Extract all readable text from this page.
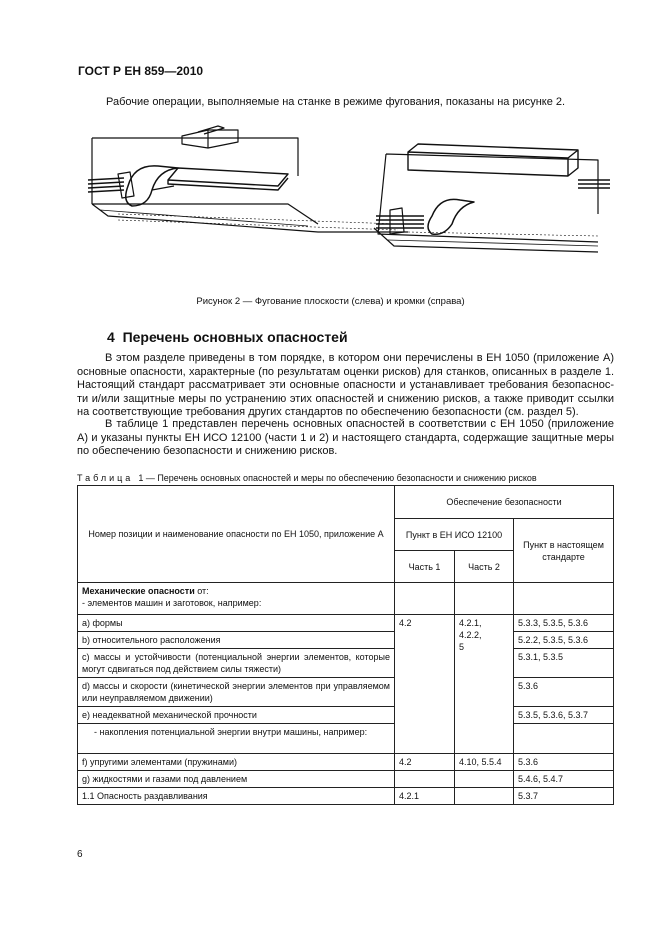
ГОСТ Р ЕН 859—2010
Рабочие операции, выполняемые на станке в режиме фугования, показаны на рисунке 2.
Рисунок 2 — Фугование плоскости (слева) и кромки (справа)
4 Перечень основных опасностей
В этом разделе приведены в том порядке, в котором они перечислены в ЕН 1050 (приложение А) основные опасности, характерные (по результатам оценки рисков) для станков, описанных в разделе 1. Настоящий стандарт рассматривает эти основные опасности и устанавливает требования безопасности и/или защитные меры по устранению этих опасностей и снижению рисков, а также приводит ссылки на соответствующие требования других стандартов по обеспечению безопасности (см. раздел 5).
В таблице 1 представлен перечень основных опасностей в соответствии с ЕН 1050 (приложение А) и указаны пункты ЕН ИСО 12100 (части 1 и 2) и настоящего стандарта, содержащие защитные меры по обеспечению безопасности и снижению рисков.
Таблица 1 — Перечень основных опасностей и меры по обеспечению безопасности и снижению рисков
Номер позиции и наименование опасности по ЕН 1050, приложение А	Обеспечение безопасности		
	Пункт в ЕН ИСО 12100		Пункт в настоящем стандарте
	Часть 1	Часть 2	
Механические опасности от:
- элементов машин и заготовок, например:			
a) формы	4.2	4.2.1,
4.2.2,
5	5.3.3, 5.3.5, 5.3.6
b) относительного расположения			5.2.2, 5.3.5, 5.3.6
c) массы и устойчивости (потенциальной энергии элементов, которые могут сдвигаться под действием силы тяжести)			5.3.1, 5.3.5
d) массы и скорости (кинетической энергии элементов при управляемом или неуправляемом движении)			5.3.6
e) неадекватной механической прочности			5.3.5, 5.3.6, 5.3.7
- накопления потенциальной энергии внутри машины, например:			
f) упругими элементами (пружинами)	4.2	4.10, 5.5.4	5.3.6
g) жидкостями и газами под давлением			5.4.6, 5.4.7
1.1 Опасность раздавливания	4.2.1		5.3.7
6
